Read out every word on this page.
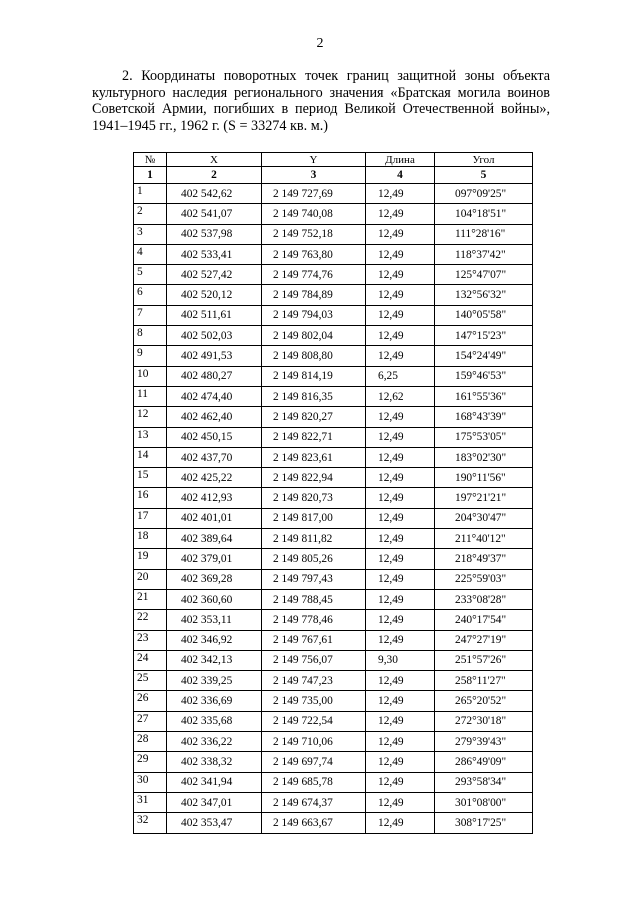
2
2. Координаты поворотных точек границ защитной зоны объекта культурного наследия регионального значения «Братская могила воинов Советской Армии, погибших в период Великой Отечественной войны», 1941–1945 гг., 1962 г. (S = 33274 кв. м.)
№	X	Y	Длина	Угол
1	2	3	4	5
1	402 542,62	2 149 727,69	12,49	097°09'25"
2	402 541,07	2 149 740,08	12,49	104°18'51"
3	402 537,98	2 149 752,18	12,49	111°28'16"
4	402 533,41	2 149 763,80	12,49	118°37'42"
5	402 527,42	2 149 774,76	12,49	125°47'07"
6	402 520,12	2 149 784,89	12,49	132°56'32"
7	402 511,61	2 149 794,03	12,49	140°05'58"
8	402 502,03	2 149 802,04	12,49	147°15'23"
9	402 491,53	2 149 808,80	12,49	154°24'49"
10	402 480,27	2 149 814,19	6,25	159°46'53"
11	402 474,40	2 149 816,35	12,62	161°55'36"
12	402 462,40	2 149 820,27	12,49	168°43'39"
13	402 450,15	2 149 822,71	12,49	175°53'05"
14	402 437,70	2 149 823,61	12,49	183°02'30"
15	402 425,22	2 149 822,94	12,49	190°11'56"
16	402 412,93	2 149 820,73	12,49	197°21'21"
17	402 401,01	2 149 817,00	12,49	204°30'47"
18	402 389,64	2 149 811,82	12,49	211°40'12"
19	402 379,01	2 149 805,26	12,49	218°49'37"
20	402 369,28	2 149 797,43	12,49	225°59'03"
21	402 360,60	2 149 788,45	12,49	233°08'28"
22	402 353,11	2 149 778,46	12,49	240°17'54"
23	402 346,92	2 149 767,61	12,49	247°27'19"
24	402 342,13	2 149 756,07	9,30	251°57'26"
25	402 339,25	2 149 747,23	12,49	258°11'27"
26	402 336,69	2 149 735,00	12,49	265°20'52"
27	402 335,68	2 149 722,54	12,49	272°30'18"
28	402 336,22	2 149 710,06	12,49	279°39'43"
29	402 338,32	2 149 697,74	12,49	286°49'09"
30	402 341,94	2 149 685,78	12,49	293°58'34"
31	402 347,01	2 149 674,37	12,49	301°08'00"
32	402 353,47	2 149 663,67	12,49	308°17'25"
